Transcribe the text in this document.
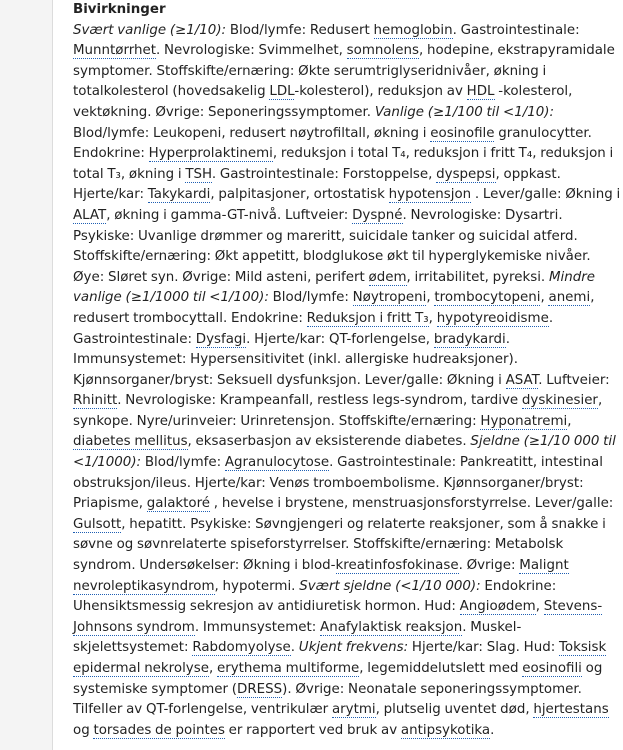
Bivirkninger
Svært vanlige (≥1/10): Blod/lymfe: Redusert hemoglobin. Gastrointestinale: Munntørrhet. Nevrologiske: Svimmelhet, somnolens, hodepine, ekstrapyramidale symptomer. Stoffskifte/ernæring: Økte serumtriglyseridnivåer, økning i totalkolesterol (hovedsakelig LDL-kolesterol), reduksjon av HDL -kolesterol, vektøkning. Øvrige: Seponeringssymptomer. Vanlige (≥1/100 til <1/10): Blod/lymfe: Leukopeni, redusert nøytrofiltall, økning i eosinofile granulocytter. Endokrine: Hyperprolaktinemi, reduksjon i total T₄, reduksjon i fritt T₄, reduksjon i total T₃, økning i TSH. Gastrointestinale: Forstoppelse, dyspepsi, oppkast. Hjerte/kar: Takykardi, palpitasjoner, ortostatisk hypotensjon . Lever/galle: Økning i ALAT, økning i gamma-GT-nivå. Luftveier: Dyspné. Nevrologiske: Dysartri. Psykiske: Uvanlige drømmer og mareritt, suicidale tanker og suicidal atferd. Stoffskifte/ernæring: Økt appetitt, blodglukose økt til hyperglykemiske nivåer. Øye: Sløret syn. Øvrige: Mild asteni, perifert ødem, irritabilitet, pyreksi. Mindre vanlige (≥1/1000 til <1/100): Blod/lymfe: Nøytropeni, trombocytopeni, anemi, redusert trombocyttall. Endokrine: Reduksjon i fritt T₃, hypotyreoidisme. Gastrointestinale: Dysfagi. Hjerte/kar: QT-forlengelse, bradykardi. Immunsystemet: Hypersensitivitet (inkl. allergiske hudreaksjoner). Kjønnsorganer/bryst: Seksuell dysfunksjon. Lever/galle: Økning i ASAT. Luftveier: Rhinitt. Nevrologiske: Krampeanfall, restless legs-syndrom, tardive dyskinesier, synkope. Nyre/urinveier: Urinretensjon. Stoffskifte/ernæring: Hyponatremi, diabetes mellitus, eksaserbasjon av eksisterende diabetes. Sjeldne (≥1/10 000 til <1/1000): Blod/lymfe: Agranulocytose. Gastrointestinale: Pankreatitt, intestinal obstruksjon/ileus. Hjerte/kar: Venøs tromboembolisme. Kjønnsorganer/bryst: Priapisme, galaktoré , hevelse i brystene, menstruasjonsforstyrrelse. Lever/galle: Gulsott, hepatitt. Psykiske: Søvngjengeri og relaterte reaksjoner, som å snakke i søvne og søvnrelaterte spiseforstyrrelser. Stoffskifte/ernæring: Metabolsk syndrom. Undersøkelser: Økning i blod-kreatinfosfokinase. Øvrige: Malignt nevroleptikasyndrom, hypotermi. Svært sjeldne (<1/10 000): Endokrine: Uhensiktsmessig sekresjon av antidiuretisk hormon. Hud: Angioødem, Stevens-Johnsons syndrom. Immunsystemet: Anafylaktisk reaksjon. Muskel-skjelettsystemet: Rabdomyolyse. Ukjent frekvens: Hjerte/kar: Slag. Hud: Toksisk epidermal nekrolyse, erythema multiforme, legemiddelutslett med eosinofili og systemiske symptomer (DRESS). Øvrige: Neonatale seponeringssymptomer. Tilfeller av QT-forlengelse, ventrikulær arytmi, plutselig uventet død, hjertestans og torsades de pointes er rapportert ved bruk av antipsykotika.
